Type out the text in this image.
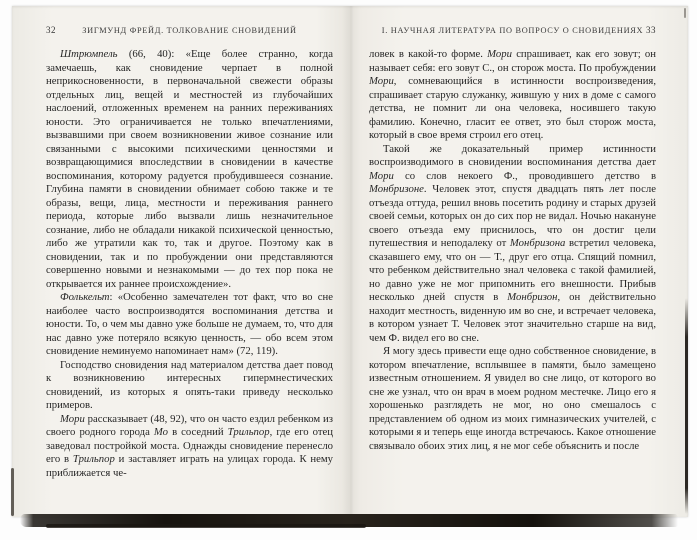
32	ЗИГМУНД ФРЕЙД. ТОЛКОВАНИЕ СНОВИДЕНИЙ

Штрюмпель (66, 40): «Еще более странно, когда замечаешь, как сновидение черпает в полной неприкосновенности, в первоначальной свежести образы отдельных лиц, вещей и местностей из глубочайших наслоений, отложенных временем на ранних переживаниях юности. Это ограничивается не только впечатлениями, вызвавшими при своем возникновении живое сознание или связанными с высокими психическими ценностями и возвращающимися впоследствии в сновидении в качестве воспоминания, которому радуется пробудившееся сознание. Глубина памяти в сновидении обнимает собою также и те образы, вещи, лица, местности и переживания раннего периода, которые либо вызвали лишь незначительное сознание, либо не обладали никакой психической ценностью, либо же утратили как то, так и другое. Поэтому как в сновидении, так и по пробуждении они представляются совершенно новыми и незнакомыми — до тех пор пока не открывается их раннее происхождение».

Фолькельт: «Особенно замечателен тот факт, что во сне наиболее часто воспроизводятся воспоминания детства и юности. То, о чем мы давно уже больше не думаем, то, что для нас давно уже потеряло всякую ценность, — обо всем этом сновидение неминуемо напоминает нам» (72, 119).

Господство сновидения над материалом детства дает повод к возникновению интересных гипермнестических сновидений, из которых я опять-таки приведу несколько примеров.

Мори рассказывает (48, 92), что он часто ездил ребенком из своего родного города Мо в соседний Трильпор, где его отец заведовал постройкой моста. Однажды сновидение перенесло его в Трильпор и заставляет играть на улицах города. К нему приближается че-

I. НАУЧНАЯ ЛИТЕРАТУРА ПО ВОПРОСУ О СНОВИДЕНИЯХ 33

ловек в какой-то форме. Мори спрашивает, как его зовут; он называет себя: его зовут С., он сторож моста. По пробуждении Мори, сомневающийся в истинности воспроизведения, спрашивает старую служанку, жившую у них в доме с самого детства, не помнит ли она человека, носившего такую фамилию. Конечно, гласит ее ответ, это был сторож моста, который в свое время строил его отец.

Такой же доказательный пример истинности воспроизводимого в сновидении воспоминания детства дает Мори со слов некоего Ф., проводившего детство в Монбризоне. Человек этот, спустя двадцать пять лет после отъезда оттуда, решил вновь посетить родину и старых друзей своей семьи, которых он до сих пор не видал. Ночью накануне своего отъезда ему приснилось, что он достиг цели путешествия и неподалеку от Монбризона встретил человека, сказавшего ему, что он — Т., друг его отца. Спящий помнил, что ребенком действительно знал человека с такой фамилией, но давно уже не мог припомнить его внешности. Прибыв несколько дней спустя в Монбризон, он действительно находит местность, виденную им во сне, и встречает человека, в котором узнает Т. Человек этот значительно старше на вид, чем Ф. видел его во сне.

Я могу здесь привести еще одно собственное сновидение, в котором впечатление, всплывшее в памяти, было замещено известным отношением. Я увидел во сне лицо, от которого во сне же узнал, что он врач в моем родном местечке. Лицо его я хорошенько разглядеть не мог, но оно смешалось с представлением об одном из моих гимназических учителей, с которыми я и теперь еще иногда встречаюсь. Какое отношение связывало обоих этих лиц, я не мог себе объяснить и после
